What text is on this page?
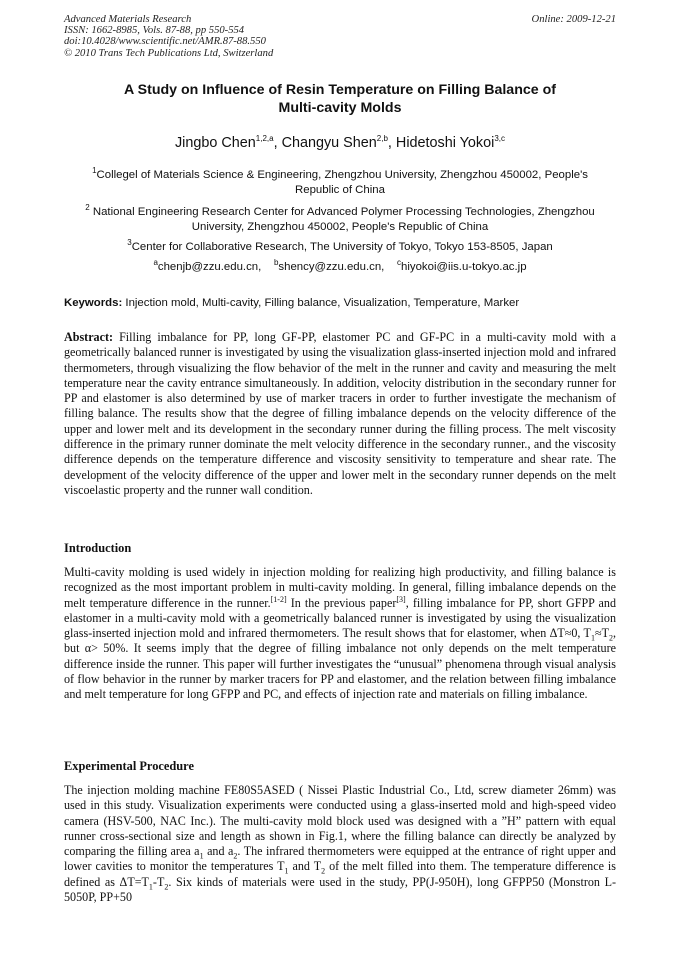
Advanced Materials Research	Online: 2009-12-21
ISSN: 1662-8985, Vols. 87-88, pp 550-554
doi:10.4028/www.scientific.net/AMR.87-88.550
© 2010 Trans Tech Publications Ltd, Switzerland
A Study on Influence of Resin Temperature on Filling Balance of
Multi-cavity Molds
Jingbo Chen$^{1,2,a}$, Changyu Shen$^{2,b}$, Hidetoshi Yokoi$^{3,c}$
$^1$Collegel of Materials Science & Engineering, Zhengzhou University, Zhengzhou 450002, People's
Republic of China
$^2$ National Engineering Research Center for Advanced Polymer Processing Technologies, Zhengzhou
University, Zhengzhou 450002, People's Republic of China
$^3$Center for Collaborative Research, The University of Tokyo, Tokyo 153-8505, Japan
$^a$chenjb@zzu.edu.cn, $^b$shency@zzu.edu.cn, $^c$hiyokoi@iis.u-tokyo.ac.jp
Keywords: Injection mold, Multi-cavity, Filling balance, Visualization, Temperature, Marker
Abstract: Filling imbalance for PP, long GF-PP, elastomer PC and GF-PC in a multi-cavity mold with a geometrically balanced runner is investigated by using the visualization glass-inserted injection mold and infrared thermometers, through visualizing the flow behavior of the melt in the runner and cavity and measuring the melt temperature near the cavity entrance simultaneously. In addition, velocity distribution in the secondary runner for PP and elastomer is also determined by use of marker tracers in order to further investigate the mechanism of filling balance. The results show that the degree of filling imbalance depends on the velocity difference of the upper and lower melt and its development in the secondary runner during the filling process. The melt viscosity difference in the primary runner dominate the melt velocity difference in the secondary runner., and the viscosity difference depends on the temperature difference and viscosity sensitivity to temperature and shear rate. The development of the velocity difference of the upper and lower melt in the secondary runner depends on the melt viscoelastic property and the runner wall condition.
Introduction
Multi-cavity molding is used widely in injection molding for realizing high productivity, and filling balance is recognized as the most important problem in multi-cavity molding. In general, filling imbalance depends on the melt temperature difference in the runner.[1-2] In the previous paper[3], filling imbalance for PP, short GFPP and elastomer in a multi-cavity mold with a geometrically balanced runner is investigated by using the visualization glass-inserted injection mold and infrared thermometers. The result shows that for elastomer, when ΔT≈0, $T_1\approx T_2$, but α> 50%. It seems imply that the degree of filling imbalance not only depends on the melt temperature difference inside the runner. This paper will further investigates the “unusual” phenomena through visual analysis of flow behavior in the runner by marker tracers for PP and elastomer, and the relation between filling imbalance and melt temperature for long GFPP and PC, and effects of injection rate and materials on filling imbalance.
Experimental Procedure
The injection molding machine FE80S5ASED ( Nissei Plastic Industrial Co., Ltd, screw diameter 26mm) was used in this study. Visualization experiments were conducted using a glass-inserted mold and high-speed video camera (HSV-500, NAC Inc.). The multi-cavity mold block used was designed with a ”H” pattern with equal runner cross-sectional size and length as shown in Fig.1, where the filling balance can directly be analyzed by comparing the filling area $a_1$ and $a_2$. The infrared thermometers were equipped at the entrance of right upper and lower cavities to monitor the temperatures $T_1$ and $T_2$ of the melt filled into them. The temperature difference is defined as $\Delta T=T_1-T_2$. Six kinds of materials were used in the study, PP(J-950H), long GFPP50 (Monstron L-5050P, PP+50
